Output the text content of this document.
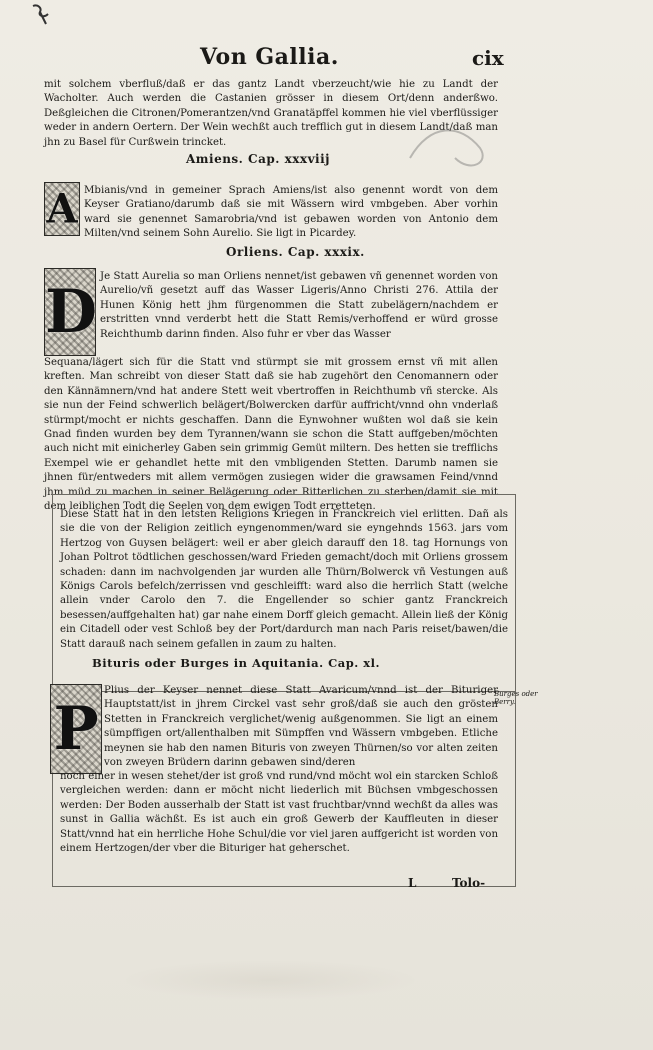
Von Gallia.	cix
mit solchem vberfluß/daß er das gantz Landt vberzeucht/wie hie zu Landt der Wacholter. Auch werden die Castanien grösser in diesem Ort/denn anderßwo. Deßgleichen die Citronen/Pomerantzen/vnd Granatäpffel kommen hie viel vberflüssiger weder in andern Oertern. Der Wein wechßt auch trefflich gut in diesem Landt/daß man jhn zu Basel für Curßwein trincket.
Amiens. Cap. xxxviij
A Mbianis/vnd in gemeiner Sprach Amiens/ist also genennt wordt von dem Keyser Gratiano/darumb daß sie mit Wässern wird vmbgeben. Aber vorhin ward sie genennet Samarobria/vnd ist gebawen worden von Antonio dem Milten/vnd seinem Sohn Aurelio. Sie ligt in Picardey.
Orliens. Cap. xxxix.
D
Je Statt Aurelia so man Orliens nennet/ist gebawen vñ genennet worden von Aurelio/vñ gesetzt auff das Wasser Ligeris/Anno Christi 276. Attila der Hunen König hett jhm fürgenommen die Statt zubelägern/nachdem er erstritten vnnd verderbt hett die Statt Remis/verhoffend er würd grosse Reichthumb darinn finden. Also fuhr er vber das Wasser
Sequana/lägert sich für die Statt vnd stürmpt sie mit grossem ernst vñ mit allen kreften. Man schreibt von dieser Statt daß sie hab zugehört den Cenomannern oder den Kännämnern/vnd hat andere Stett weit vbertroffen in Reichthumb vñ stercke. Als sie nun der Feind schwerlich belägert/Bolwercken darfür auffricht/vnnd ohn vnderlaß stürmpt/mocht er nichts geschaffen. Dann die Eynwohner wußten wol daß sie kein Gnad finden wurden bey dem Tyrannen/wann sie schon die Statt auffgeben/möchten auch nicht mit einicherley Gaben sein grimmig Gemüt miltern. Des hetten sie trefflichs Exempel wie er gehandlet hette mit den vmbligenden Stetten. Darumb namen sie jhnen für/entweders mit allem vermögen zusiegen wider die grawsamen Feind/vnnd jhm müd zu machen in seiner Belägerung oder Ritterlichen zu sterben/damit sie mit dem leiblichen Todt die Seelen von dem ewigen Todt erretteten.
Diese Statt hat in den letsten Religions Kriegen in Franckreich viel erlitten. Dañ als sie die von der Religion zeitlich eyngenommen/ward sie eyngehnds 1563. jars vom Hertzog von Guysen belägert: weil er aber gleich darauff den 18. tag Hornungs von Johan Poltrot tödtlichen geschossen/ward Frieden gemacht/doch mit Orliens grossem schaden: dann im nachvolgenden jar wurden alle Thürn/Bolwerck vñ Vestungen auß Königs Carols befelch/zerrissen vnd geschleifft: ward also die herrlich Statt (welche allein vnder Carolo den 7. die Engellender so schier gantz Franckreich besessen/auffgehalten hat) gar nahe einem Dorff gleich gemacht. Allein ließ der König ein Citadell oder vest Schloß bey der Port/dardurch man nach Paris reiset/bawen/die Statt darauß nach seinem gefallen in zaum zu halten.
Bituris oder Burges in Aquitania. Cap. xl.
P
Plius der Keyser nennet diese Statt Avaricum/vnnd ist der Bituriger Hauptstatt/ist in jhrem Circkel vast sehr groß/daß sie auch den grösten Stetten in Franckreich verglichet/wenig außgenommen. Sie ligt an einem sümpffigen ort/allenthalben mit Sümpffen vnd Wässern vmbgeben. Etliche meynen sie hab den namen Bituris von zweyen Thürnen/so vor alten zeiten von zweyen Brüdern darinn gebawen sind/deren
noch einer in wesen stehet/der ist groß vnd rund/vnd möcht wol ein starcken Schloß vergleichen werden: dann er möcht nicht liederlich mit Büchsen vmbgeschossen werden: Der Boden ausserhalb der Statt ist vast fruchtbar/vnnd wechßt da alles was sunst in Gallia wächßt. Es ist auch ein groß Gewerb der Kauffleuten in dieser Statt/vnnd hat ein herrliche Hohe Schul/die vor viel jaren auffgericht ist worden von einem Hertzogen/der vber die Bituriger hat geherschet.
Burges oder Berry.
L	Tolo-
